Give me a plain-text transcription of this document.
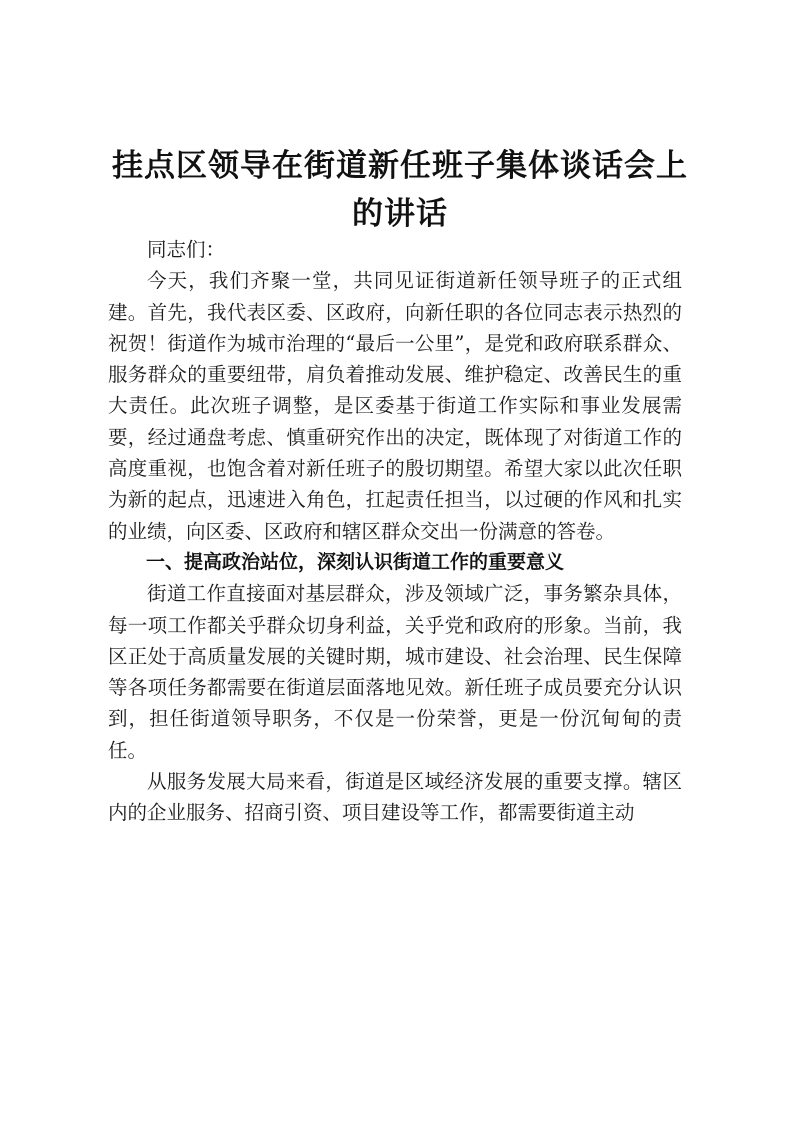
挂点区领导在街道新任班子集体谈话会上的讲话

同志们：

今天，我们齐聚一堂，共同见证街道新任领导班子的正式组建。首先，我代表区委、区政府，向新任职的各位同志表示热烈的祝贺！街道作为城市治理的“最后一公里”，是党和政府联系群众、服务群众的重要纽带，肩负着推动发展、维护稳定、改善民生的重大责任。此次班子调整，是区委基于街道工作实际和事业发展需要，经过通盘考虑、慎重研究作出的决定，既体现了对街道工作的高度重视，也饱含着对新任班子的殷切期望。希望大家以此次任职为新的起点，迅速进入角色，扛起责任担当，以过硬的作风和扎实的业绩，向区委、区政府和辖区群众交出一份满意的答卷。

一、提高政治站位，深刻认识街道工作的重要意义

街道工作直接面对基层群众，涉及领域广泛，事务繁杂具体，每一项工作都关乎群众切身利益，关乎党和政府的形象。当前，我区正处于高质量发展的关键时期，城市建设、社会治理、民生保障等各项任务都需要在街道层面落地见效。新任班子成员要充分认识到，担任街道领导职务，不仅是一份荣誉，更是一份沉甸甸的责任。

从服务发展大局来看，街道是区域经济发展的重要支撑。辖区内的企业服务、招商引资、项目建设等工作，都需要街道主动
